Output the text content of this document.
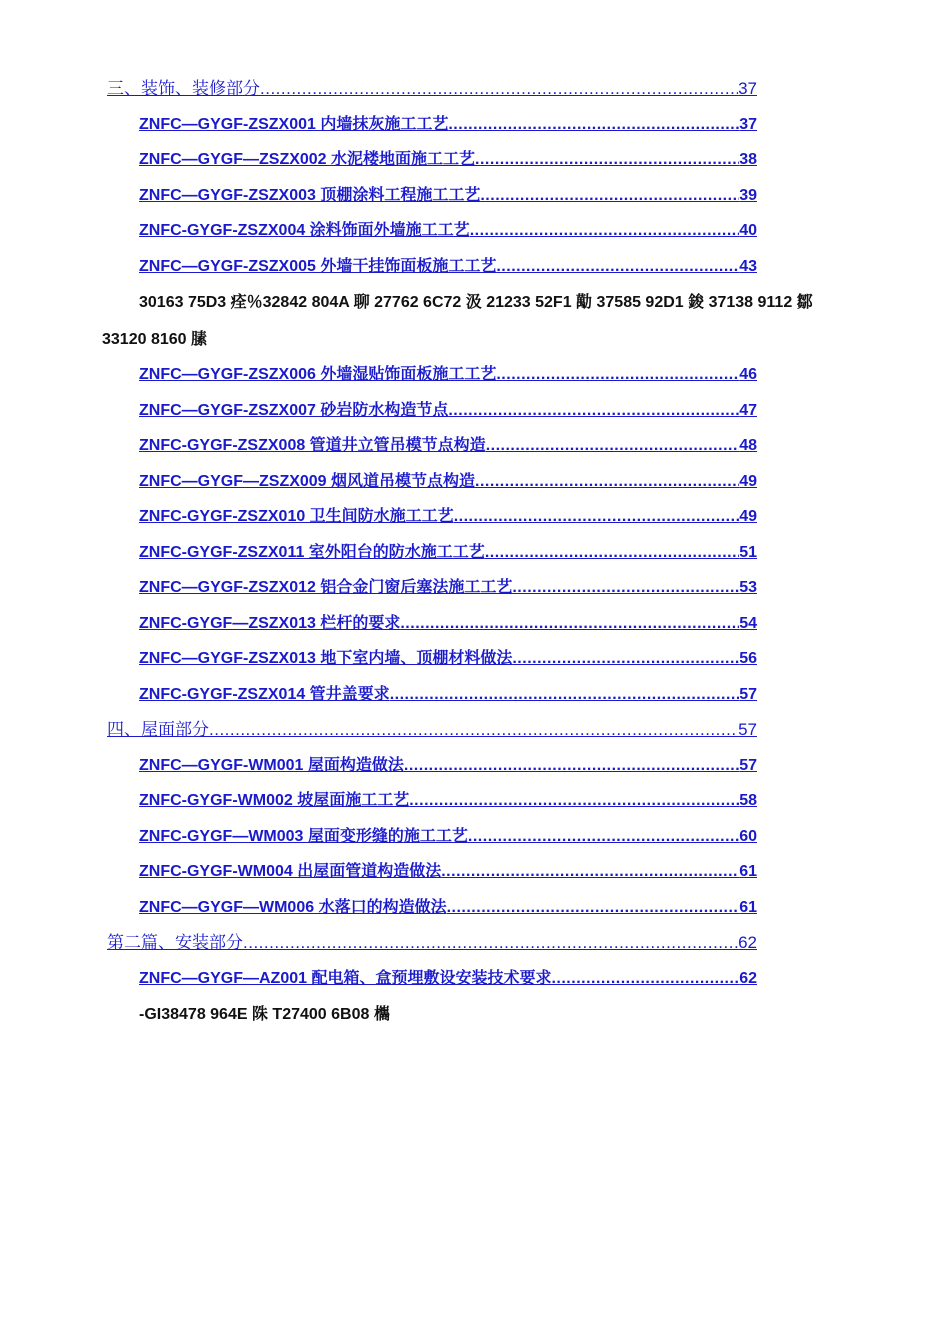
三、装饰、装修部分 .....	37
ZNFC—GYGF-ZSZX001 内墙抹灰施工工艺 .....	37
ZNFC—GYGF—ZSZX002 水泥楼地面施工工艺 .....	38
ZNFC—GYGF-ZSZX003 顶棚涂料工程施工工艺 .....	39
ZNFC-GYGF-ZSZX004 涂料饰面外墙施工工艺 .....	40
ZNFC—GYGF-ZSZX005 外墙干挂饰面板施工工艺 .....	43
30163 75D3 痊％32842 804A 聊 27762 6C72 汲 21233 52F1 勱 37585 92D1 鋑 37138 9112 鄒
33120 8160 膆
ZNFC—GYGF-ZSZX006 外墙湿贴饰面板施工工艺 .....	46
ZNFC—GYGF-ZSZX007 砂岩防水构造节点 .....	47
ZNFC-GYGF-ZSZX008 管道井立管吊模节点构造 .....	48
ZNFC—GYGF—ZSZX009 烟风道吊模节点构造 .....	49
ZNFC-GYGF-ZSZX010 卫生间防水施工工艺 .....	49
ZNFC-GYGF-ZSZX011 室外阳台的防水施工工艺 .....	51
ZNFC—GYGF-ZSZX012 铝合金门窗后塞法施工工艺 .....	53
ZNFC-GYGF—ZSZX013 栏杆的要求 .....	54
ZNFC—GYGF-ZSZX013 地下室内墙、顶棚材料做法 .....	56
ZNFC-GYGF-ZSZX014 管井盖要求 .....	57
四、屋面部分 .....	57
ZNFC—GYGF-WM001 屋面构造做法 .....	57
ZNFC-GYGF-WM002 坡屋面施工工艺 .....	58
ZNFC-GYGF—WM003 屋面变形缝的施工工艺 .....	60
ZNFC-GYGF-WM004 出屋面管道构造做法 .....	61
ZNFC—GYGF—WM006 水落口的构造做法 .....	61
第二篇、安装部分 .....	62
ZNFC—GYGF—AZ001 配电箱、盒预埋敷设安装技术要求 .....	62
-GI38478 964E 陎 T27400 6B08 欈
